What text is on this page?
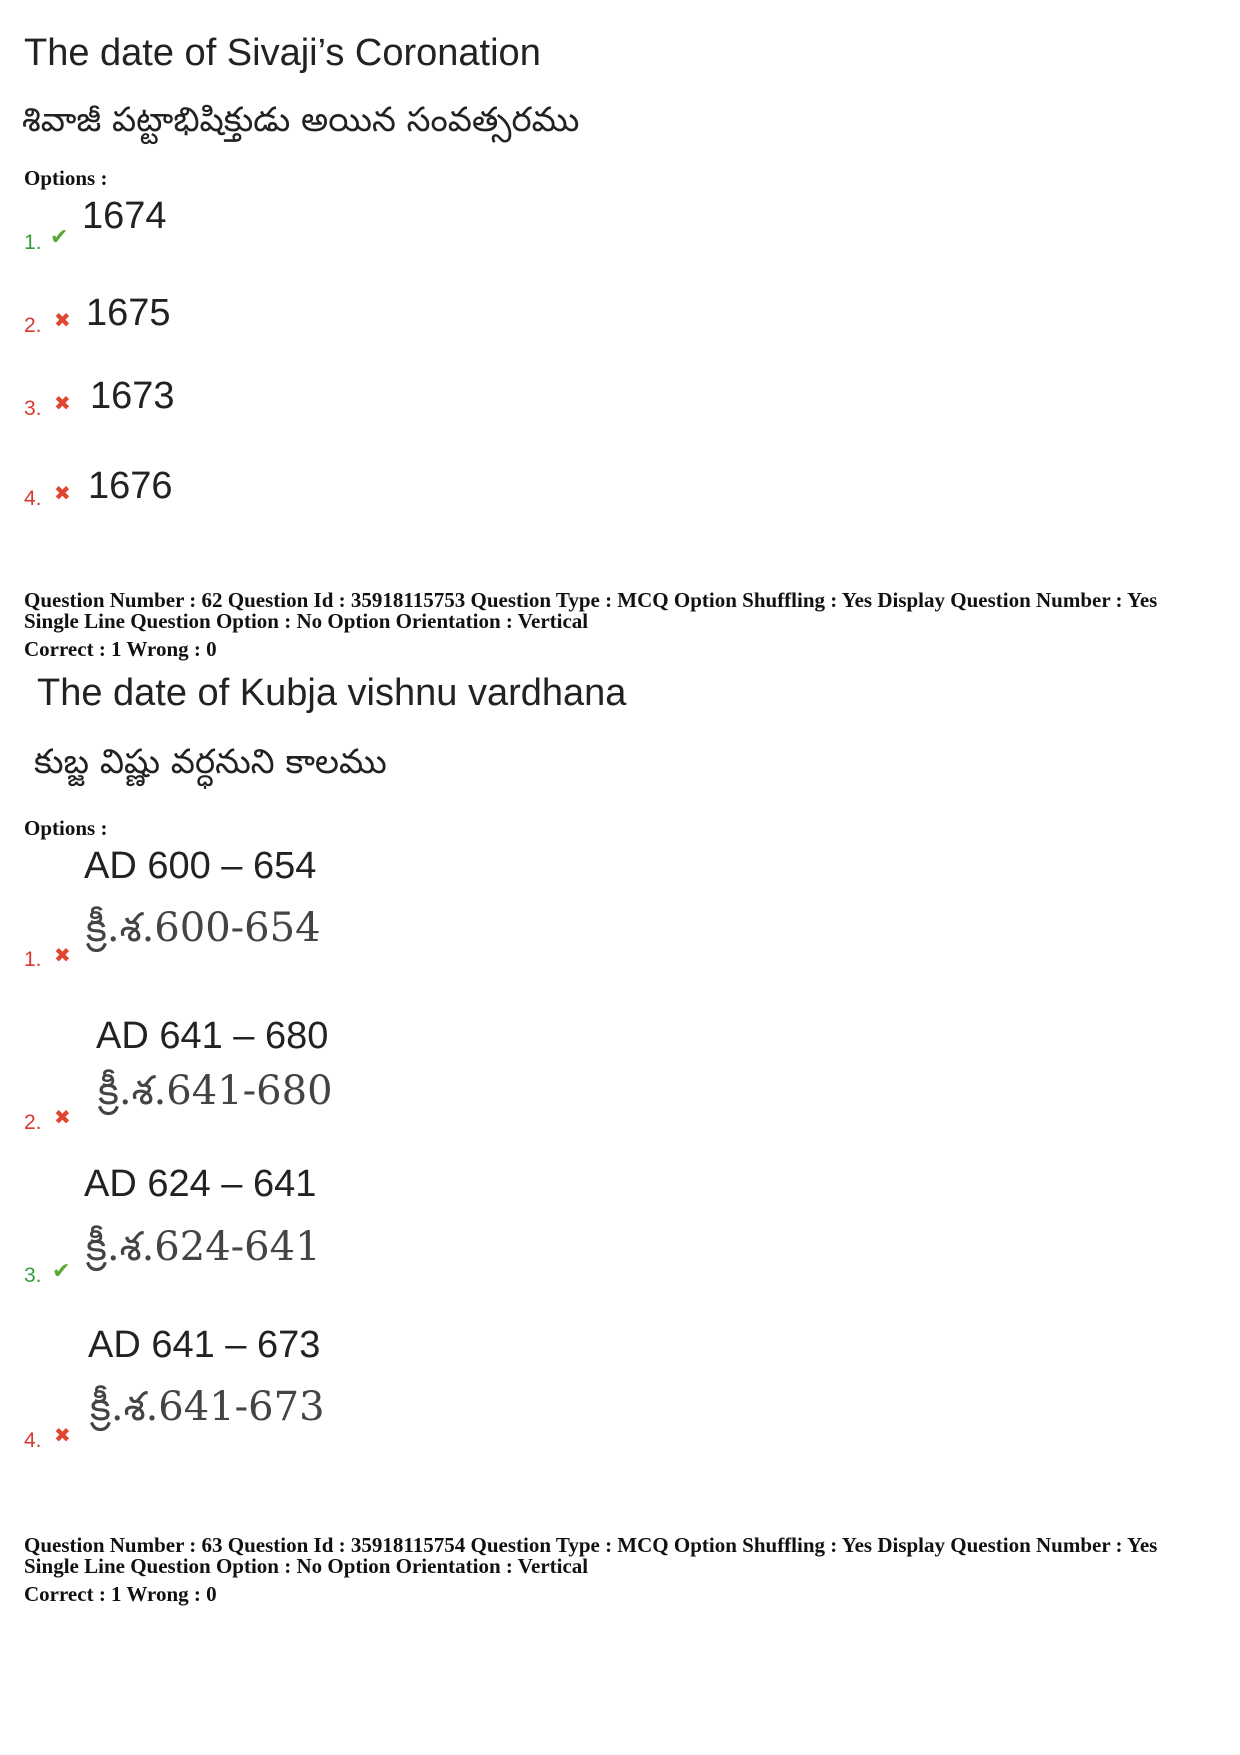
The date of Sivaji’s Coronation
శివాజీ పట్టాభిషిక్తుడు అయిన సంవత్సరము
Options :
1. ✔
1674
2. ✖ 1675
3. ✖ 1673
4. ✖ 1676
Question Number : 62 Question Id : 35918115753 Question Type : MCQ Option Shuffling : Yes Display Question Number : Yes
Single Line Question Option : No Option Orientation : Vertical
Correct : 1 Wrong : 0
The date of Kubja vishnu vardhana
కుబ్జ విష్ణు వర్ధనుని కాలము
Options :
AD 600 – 654
క్రీ.శ.600-654
1. ✖
AD 641 – 680
క్రీ.శ.641-680
2. ✖
AD 624 – 641
క్రీ.శ.624-641
3. ✔
AD 641 – 673
క్రీ.శ.641-673
4. ✖
Question Number : 63 Question Id : 35918115754 Question Type : MCQ Option Shuffling : Yes Display Question Number : Yes
Single Line Question Option : No Option Orientation : Vertical
Correct : 1 Wrong : 0
